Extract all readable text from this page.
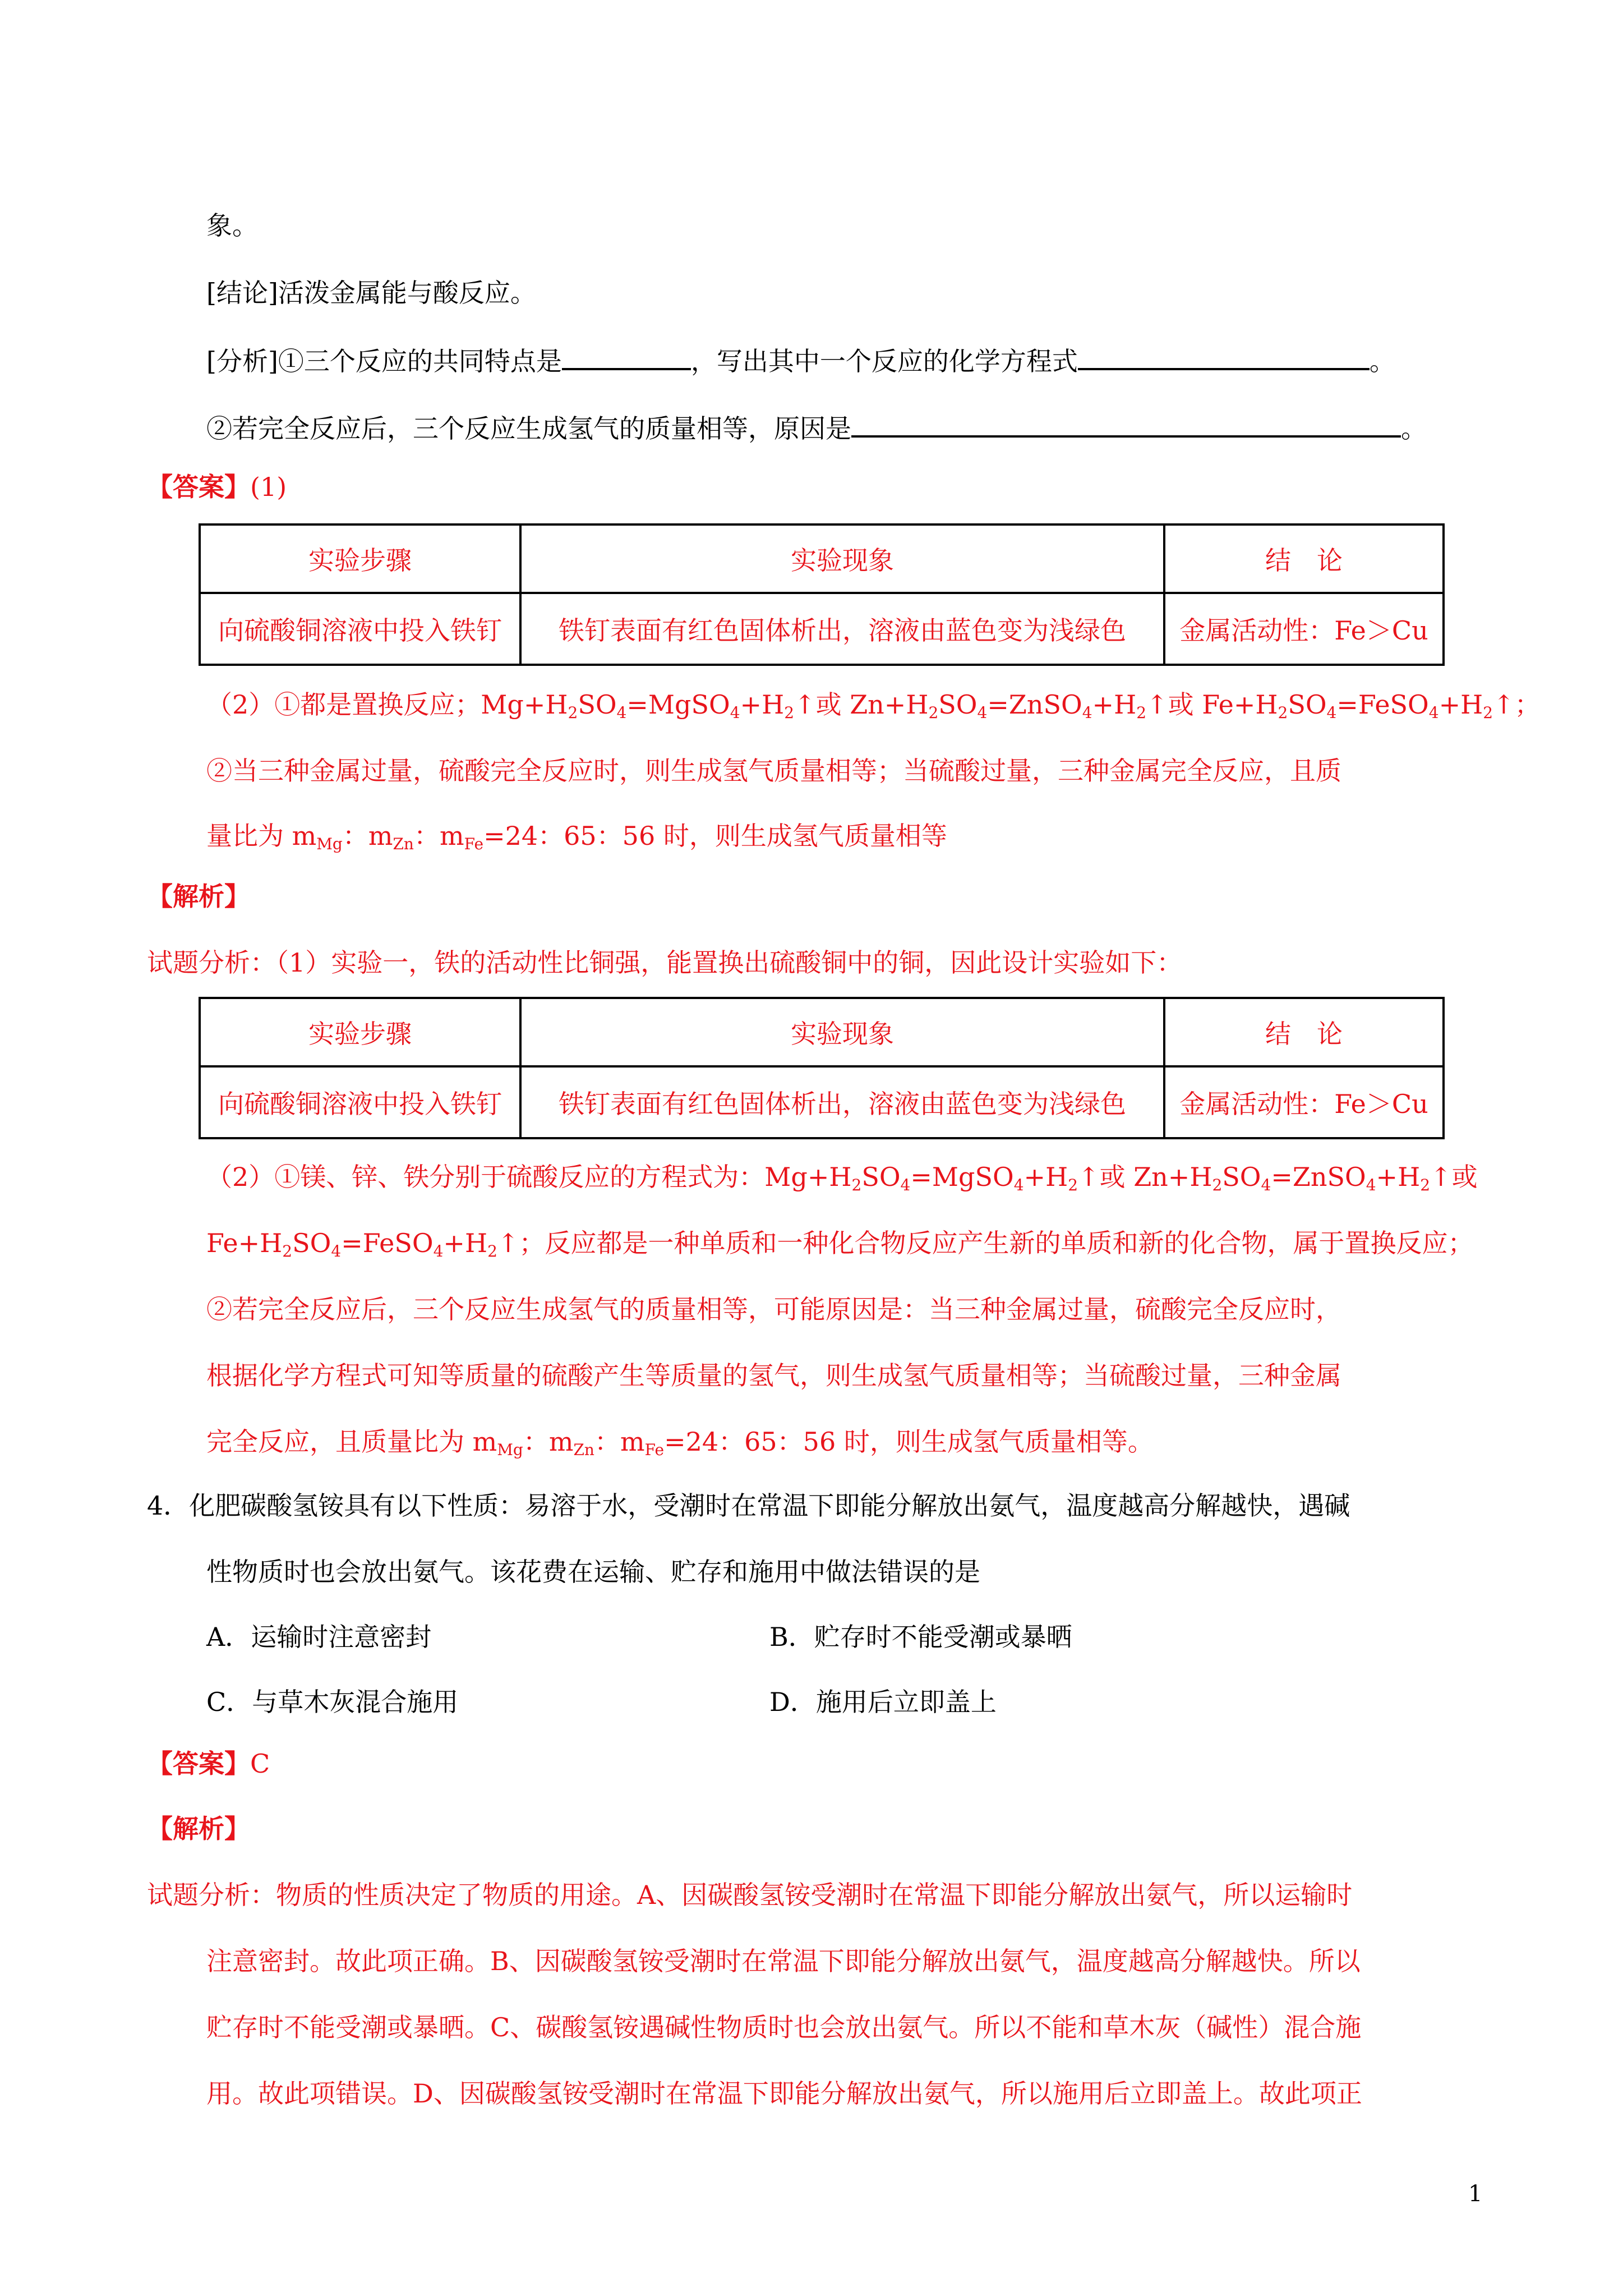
象。
[结论]活泼金属能与酸反应。
[分析]①三个反应的共同特点是	，写出其中一个反应的化学方程式	。
②若完全反应后，三个反应生成氢气的质量相等，原因是	。
【答案】(1)
实验步骤	实验现象	结　论
向硫酸铜溶液中投入铁钉	铁钉表面有红色固体析出，溶液由蓝色变为浅绿色	金属活动性：Fe＞Cu
（2）①都是置换反应；$Mg+H_2SO_4=MgSO_4+H_2↑$或 $Zn+H_2SO_4=ZnSO_4+H_2↑$或 $Fe+H_2SO_4=FeSO_4+H_2↑$；
②当三种金属过量，硫酸完全反应时，则生成氢气质量相等；当硫酸过量，三种金属完全反应，且质
量比为 $m_{Mg}$：$m_{Zn}$：$m_{Fe}=24$：65：56 时，则生成氢气质量相等
【解析】
试题分析：（1）实验一，铁的活动性比铜强，能置换出硫酸铜中的铜，因此设计实验如下：
实验步骤	实验现象	结　论
向硫酸铜溶液中投入铁钉	铁钉表面有红色固体析出，溶液由蓝色变为浅绿色	金属活动性：Fe＞Cu
（2）①镁、锌、铁分别于硫酸反应的方程式为：$Mg+H_2SO_4=MgSO_4+H_2↑$或 $Zn+H_2SO_4=ZnSO_4+H_2↑$或
$Fe+H_2SO_4=FeSO_4+H_2↑$；反应都是一种单质和一种化合物反应产生新的单质和新的化合物，属于置换反应；
②若完全反应后，三个反应生成氢气的质量相等，可能原因是：当三种金属过量，硫酸完全反应时，
根据化学方程式可知等质量的硫酸产生等质量的氢气，则生成氢气质量相等；当硫酸过量，三种金属
完全反应，且质量比为 $m_{Mg}$：$m_{Zn}$：$m_{Fe}=24$：65：56 时，则生成氢气质量相等。
4．化肥碳酸氢铵具有以下性质：易溶于水，受潮时在常温下即能分解放出氨气，温度越高分解越快，遇碱
性物质时也会放出氨气。该花费在运输、贮存和施用中做法错误的是
A．运输时注意密封	B．贮存时不能受潮或暴晒
C．与草木灰混合施用	D．施用后立即盖上
【答案】C
【解析】
试题分析：物质的性质决定了物质的用途。A、因碳酸氢铵受潮时在常温下即能分解放出氨气，所以运输时
注意密封。故此项正确。B、因碳酸氢铵受潮时在常温下即能分解放出氨气，温度越高分解越快。所以
贮存时不能受潮或暴晒。C、碳酸氢铵遇碱性物质时也会放出氨气。所以不能和草木灰（碱性）混合施
用。故此项错误。D、因碳酸氢铵受潮时在常温下即能分解放出氨气，所以施用后立即盖上。故此项正
1
